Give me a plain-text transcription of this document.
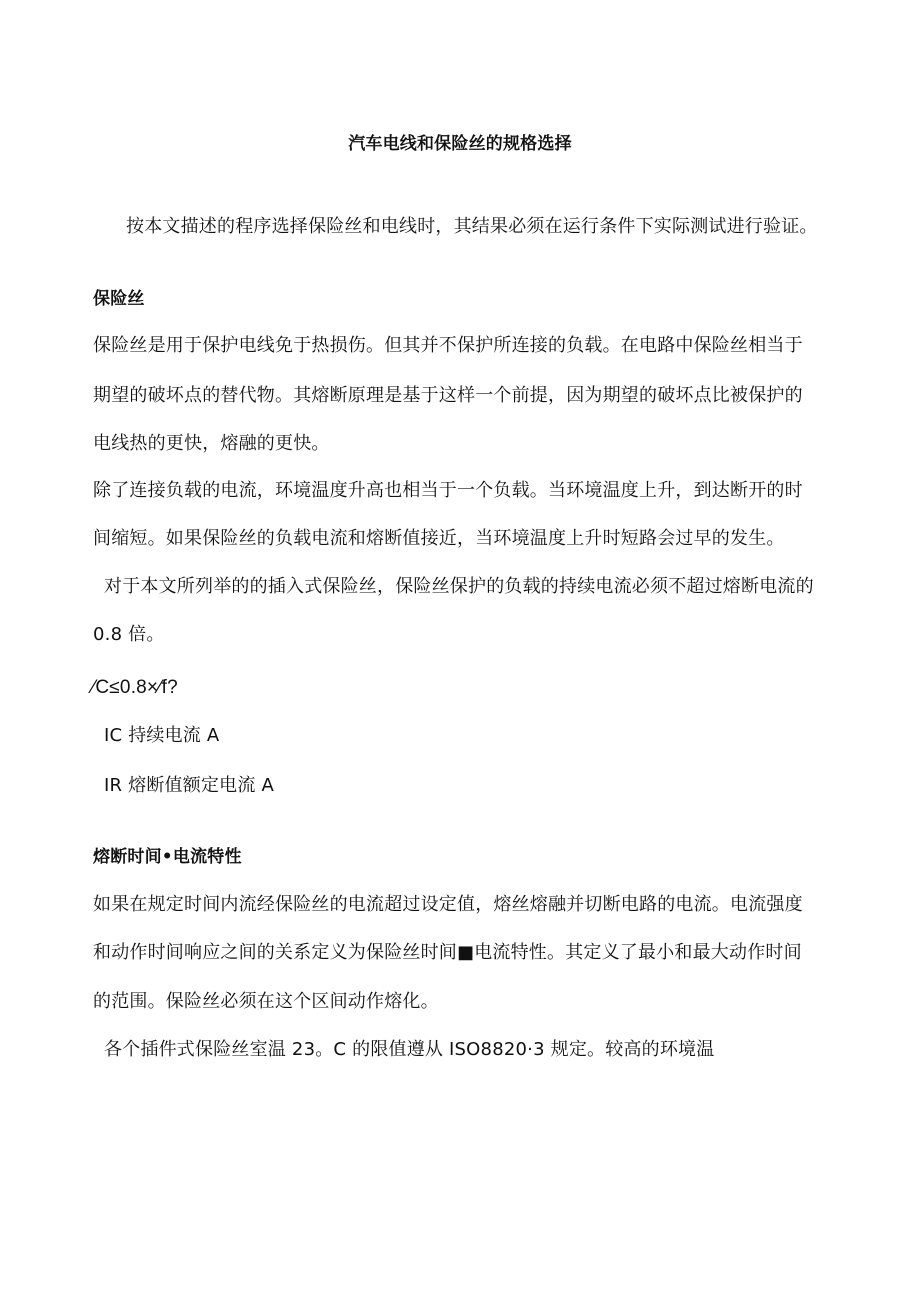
汽车电线和保险丝的规格选择
按本文描述的程序选择保险丝和电线时，其结果必须在运行条件下实际测试进行验证。
保险丝
保险丝是用于保护电线免于热损伤。但其并不保护所连接的负载。在电路中保险丝相当于
期望的破坏点的替代物。其熔断原理是基于这样一个前提，因为期望的破坏点比被保护的
电线热的更快，熔融的更快。
除了连接负载的电流，环境温度升高也相当于一个负载。当环境温度上升，到达断开的时
间缩短。如果保险丝的负载电流和熔断值接近，当环境温度上升时短路会过早的发生。
对于本文所列举的的插入式保险丝，保险丝保护的负载的持续电流必须不超过熔断电流的
0.8 倍。
⁄C≤0.8×⁄f?
IC 持续电流 A
IR 熔断值额定电流 A
熔断时间•电流特性
如果在规定时间内流经保险丝的电流超过设定值，熔丝熔融并切断电路的电流。电流强度
和动作时间响应之间的关系定义为保险丝时间■电流特性。其定义了最小和最大动作时间
的范围。保险丝必须在这个区间动作熔化。
各个插件式保险丝室温 23。C 的限值遵从 ISO8820·3 规定。较高的环境温
